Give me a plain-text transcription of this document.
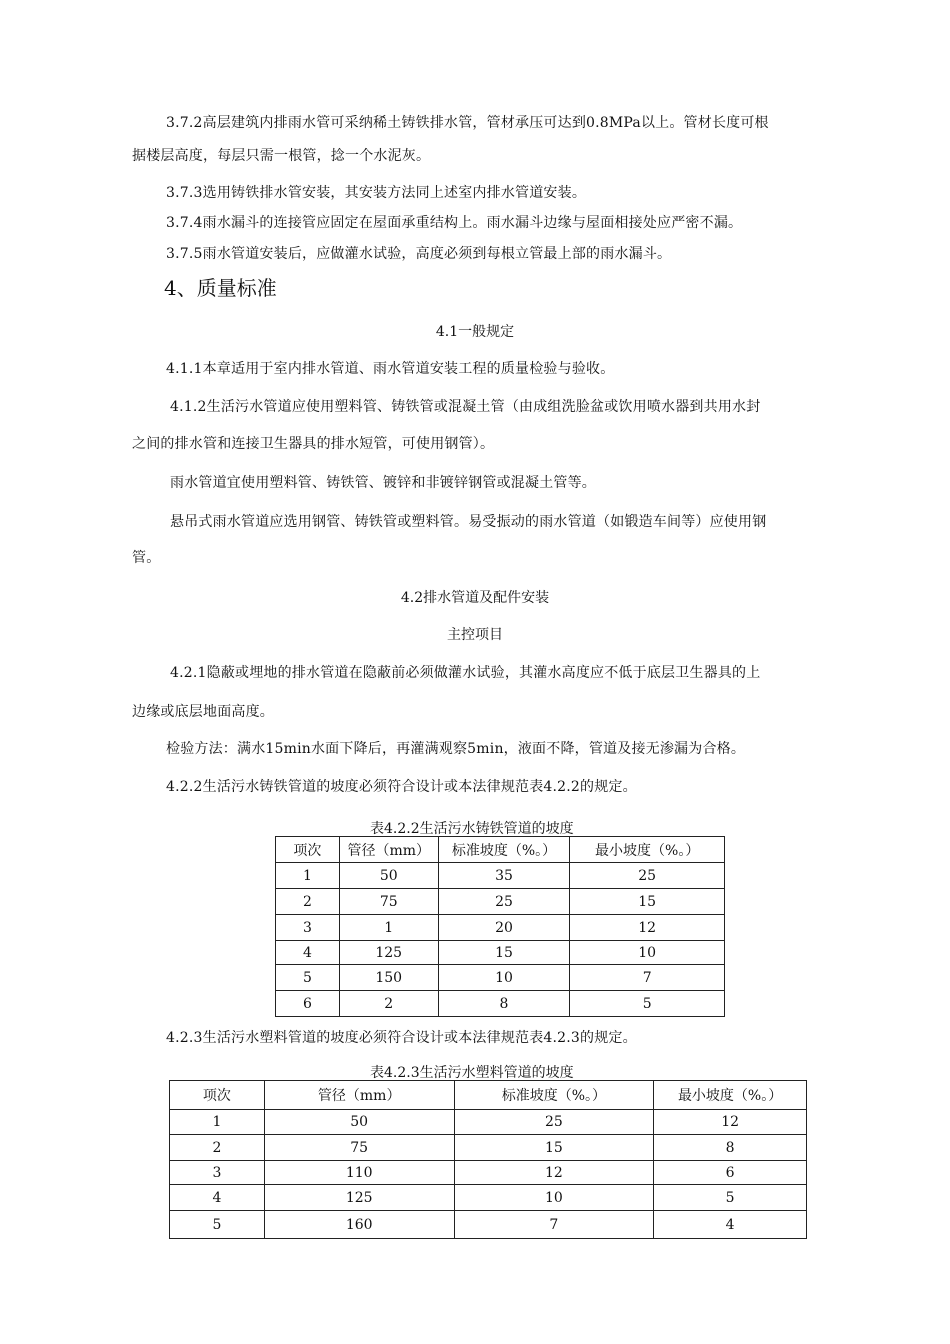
3.7.2高层建筑内排雨水管可采纳稀土铸铁排水管，管材承压可达到0.8MPa以上。管材长度可根
据楼层高度，每层只需一根管，捻一个水泥灰。
3.7.3选用铸铁排水管安装，其安装方法同上述室内排水管道安装。
3.7.4雨水漏斗的连接管应固定在屋面承重结构上。雨水漏斗边缘与屋面相接处应严密不漏。
3.7.5雨水管道安装后，应做灌水试验，高度必须到每根立管最上部的雨水漏斗。
4、质量标准
4.1一般规定
4.1.1本章适用于室内排水管道、雨水管道安装工程的质量检验与验收。
4.1.2生活污水管道应使用塑料管、铸铁管或混凝土管（由成组洗脸盆或饮用喷水器到共用水封
之间的排水管和连接卫生器具的排水短管，可使用钢管）。
雨水管道宜使用塑料管、铸铁管、镀锌和非镀锌钢管或混凝土管等。
悬吊式雨水管道应选用钢管、铸铁管或塑料管。易受振动的雨水管道（如锻造车间等）应使用钢
管。
4.2排水管道及配件安装
主控项目
4.2.1隐蔽或埋地的排水管道在隐蔽前必须做灌水试验，其灌水高度应不低于底层卫生器具的上
边缘或底层地面高度。
检验方法：满水15min水面下降后，再灌满观察5min，液面不降，管道及接无渗漏为合格。
4.2.2生活污水铸铁管道的坡度必须符合设计或本法律规范表4.2.2的规定。
表4.2.2生活污水铸铁管道的坡度
项次	管径（mm）	标准坡度（%。）	最小坡度（%。）
1	50	35	25
2	75	25	15
3	1	20	12
4	125	15	10
5	150	10	7
6	2	8	5
4.2.3生活污水塑料管道的坡度必须符合设计或本法律规范表4.2.3的规定。
表4.2.3生活污水塑料管道的坡度
项次	管径（mm）	标准坡度（%。）	最小坡度（%。）
1	50	25	12
2	75	15	8
3	110	12	6
4	125	10	5
5	160	7	4
